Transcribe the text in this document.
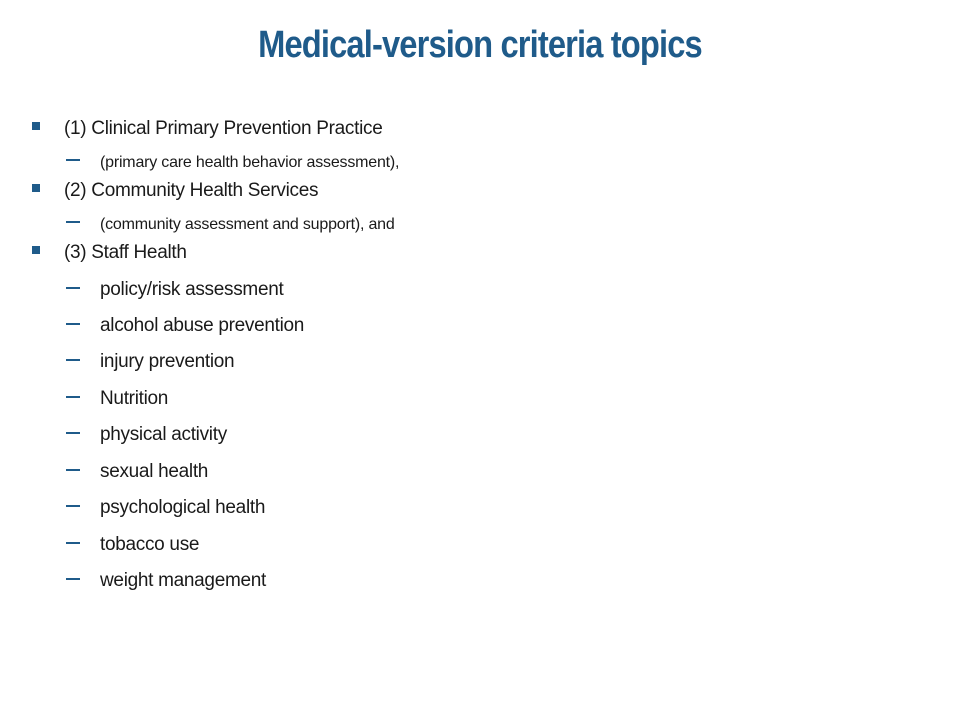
Medical-version criteria topics
(1) Clinical Primary Prevention Practice
(primary care health behavior assessment),
(2) Community Health Services
(community assessment and support), and
(3) Staff Health
policy/risk assessment
alcohol abuse prevention
injury prevention
Nutrition
physical activity
sexual health
psychological health
tobacco use
weight management
